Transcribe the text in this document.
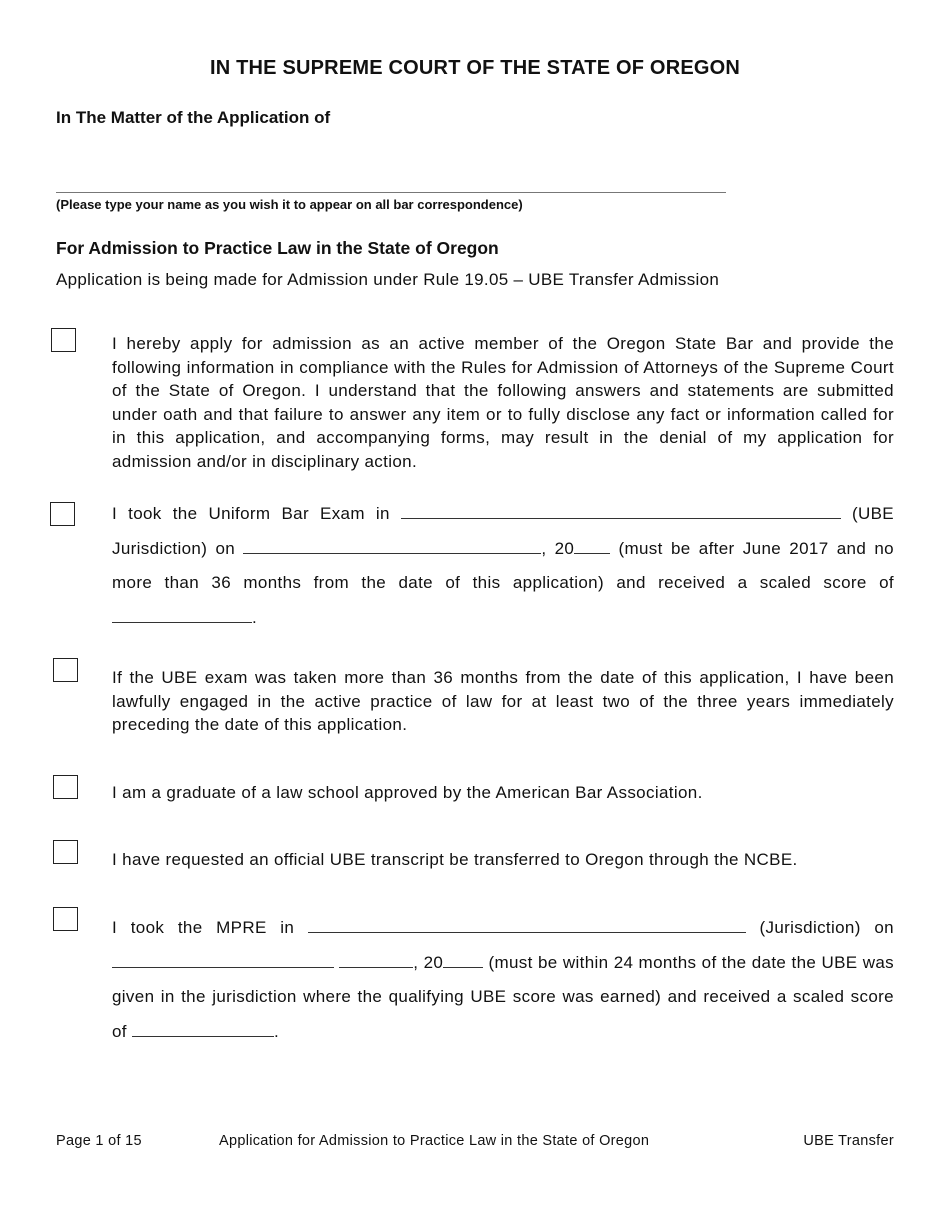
IN THE SUPREME COURT OF THE STATE OF OREGON
In The Matter of the Application of
(Please type your name as you wish it to appear on all bar correspondence)
For Admission to Practice Law in the State of Oregon
Application is being made for Admission under Rule 19.05 – UBE Transfer Admission
I hereby apply for admission as an active member of the Oregon State Bar and provide the following information in compliance with the Rules for Admission of Attorneys of the Supreme Court of the State of Oregon. I understand that the following answers and statements are submitted under oath and that failure to answer any item or to fully disclose any fact or information called for in this application, and accompanying forms, may result in the denial of my application for admission and/or in disciplinary action.
I took the Uniform Bar Exam in	(UBE Jurisdiction) on	, 20	(must be after June 2017 and no more than 36 months from the date of this application) and received a scaled score of .
If the UBE exam was taken more than 36 months from the date of this application, I have been lawfully engaged in the active practice of law for at least two of the three years immediately preceding the date of this application.
I am a graduate of a law school approved by the American Bar Association.
I have requested an official UBE transcript be transferred to Oregon through the NCBE.
I took the MPRE in	(Jurisdiction) on  , 20	(must be within 24 months of the date the UBE was given in the jurisdiction where the qualifying UBE score was earned) and received a scaled score of	.
Page 1 of 15	Application for Admission to Practice Law in the State of Oregon	UBE Transfer
